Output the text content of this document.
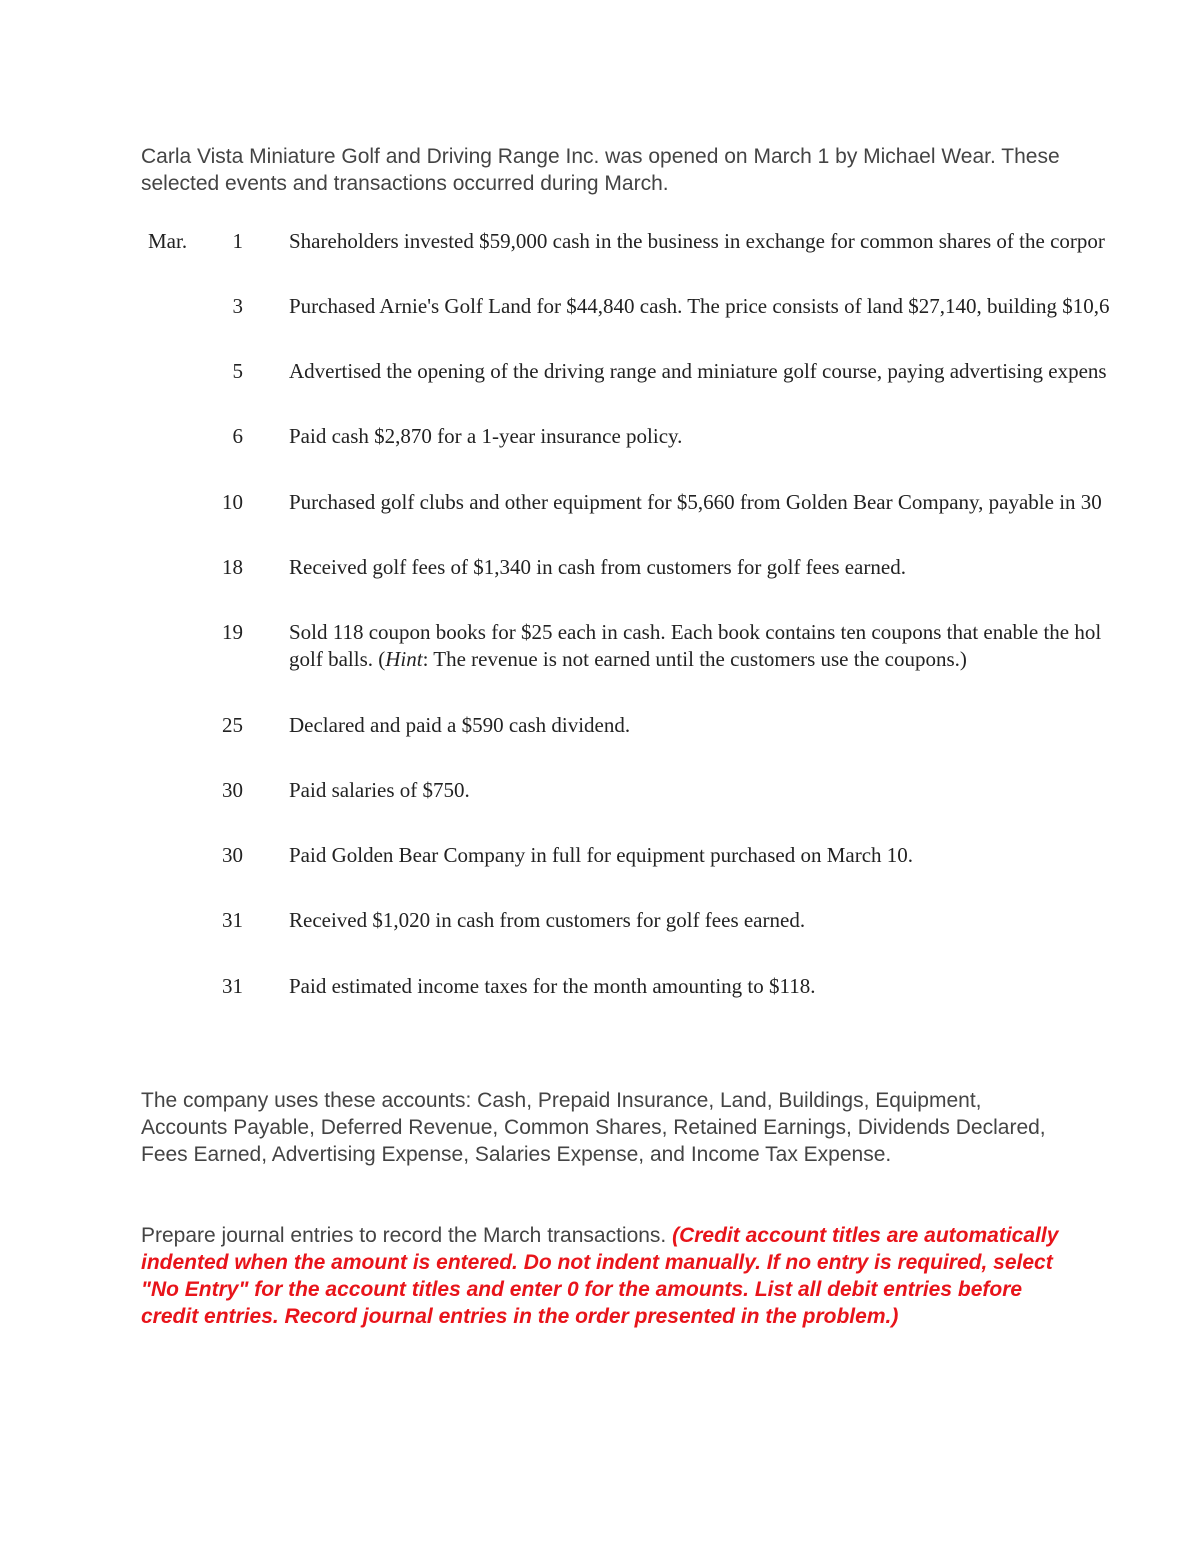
Carla Vista Miniature Golf and Driving Range Inc. was opened on March 1 by Michael Wear. These selected events and transactions occurred during March.

Mar.	1 Shareholders invested $59,000 cash in the business in exchange for common shares of the corpor
3 Purchased Arnie's Golf Land for $44,840 cash. The price consists of land $27,140, building $10,6
5 Advertised the opening of the driving range and miniature golf course, paying advertising expens
6 Paid cash $2,870 for a 1-year insurance policy.
10 Purchased golf clubs and other equipment for $5,660 from Golden Bear Company, payable in 30
18 Received golf fees of $1,340 in cash from customers for golf fees earned.
19 Sold 118 coupon books for $25 each in cash. Each book contains ten coupons that enable the hol
golf balls. (Hint: The revenue is not earned until the customers use the coupons.)
25 Declared and paid a $590 cash dividend.
30 Paid salaries of $750.
30 Paid Golden Bear Company in full for equipment purchased on March 10.
31 Received $1,020 in cash from customers for golf fees earned.
31 Paid estimated income taxes for the month amounting to $118.

The company uses these accounts: Cash, Prepaid Insurance, Land, Buildings, Equipment, Accounts Payable, Deferred Revenue, Common Shares, Retained Earnings, Dividends Declared, Fees Earned, Advertising Expense, Salaries Expense, and Income Tax Expense.

Prepare journal entries to record the March transactions. (Credit account titles are automatically indented when the amount is entered. Do not indent manually. If no entry is required, select "No Entry" for the account titles and enter 0 for the amounts. List all debit entries before credit entries. Record journal entries in the order presented in the problem.)
